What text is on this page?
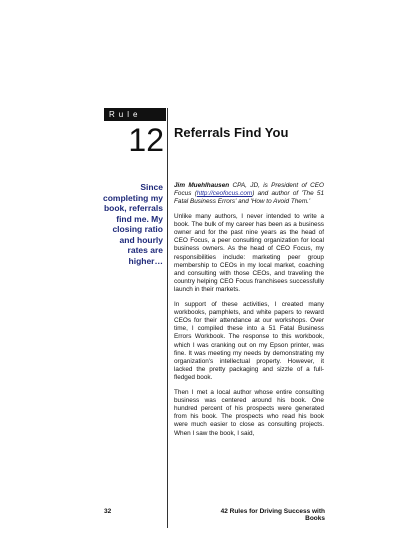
Rule
12 Referrals Find You
Since completing my book, referrals find me. My closing ratio and hourly rates are higher…

Jim Muehlhausen CPA, JD, is President of CEO Focus (http://ceofocus.com) and author of 'The 51 Fatal Business Errors' and 'How to Avoid Them.'

Unlike many authors, I never intended to write a book. The bulk of my career has been as a business owner and for the past nine years as the head of CEO Focus, a peer consulting organization for local business owners. As the head of CEO Focus, my responsibilities include: marketing peer group membership to CEOs in my local market, coaching and consulting with those CEOs, and traveling the country helping CEO Focus franchisees successfully launch in their markets.

In support of these activities, I created many workbooks, pamphlets, and white papers to reward CEOs for their attendance at our workshops. Over time, I compiled these into a 51 Fatal Business Errors Workbook. The response to this workbook, which I was cranking out on my Epson printer, was fine. It was meeting my needs by demonstrating my organization's intellectual property. However, it lacked the pretty packaging and sizzle of a full-fledged book.

Then I met a local author whose entire consulting business was centered around his book. One hundred percent of his prospects were generated from his book. The prospects who read his book were much easier to close as consulting projects. When I saw the book, I said,

32	42 Rules for Driving Success with Books
